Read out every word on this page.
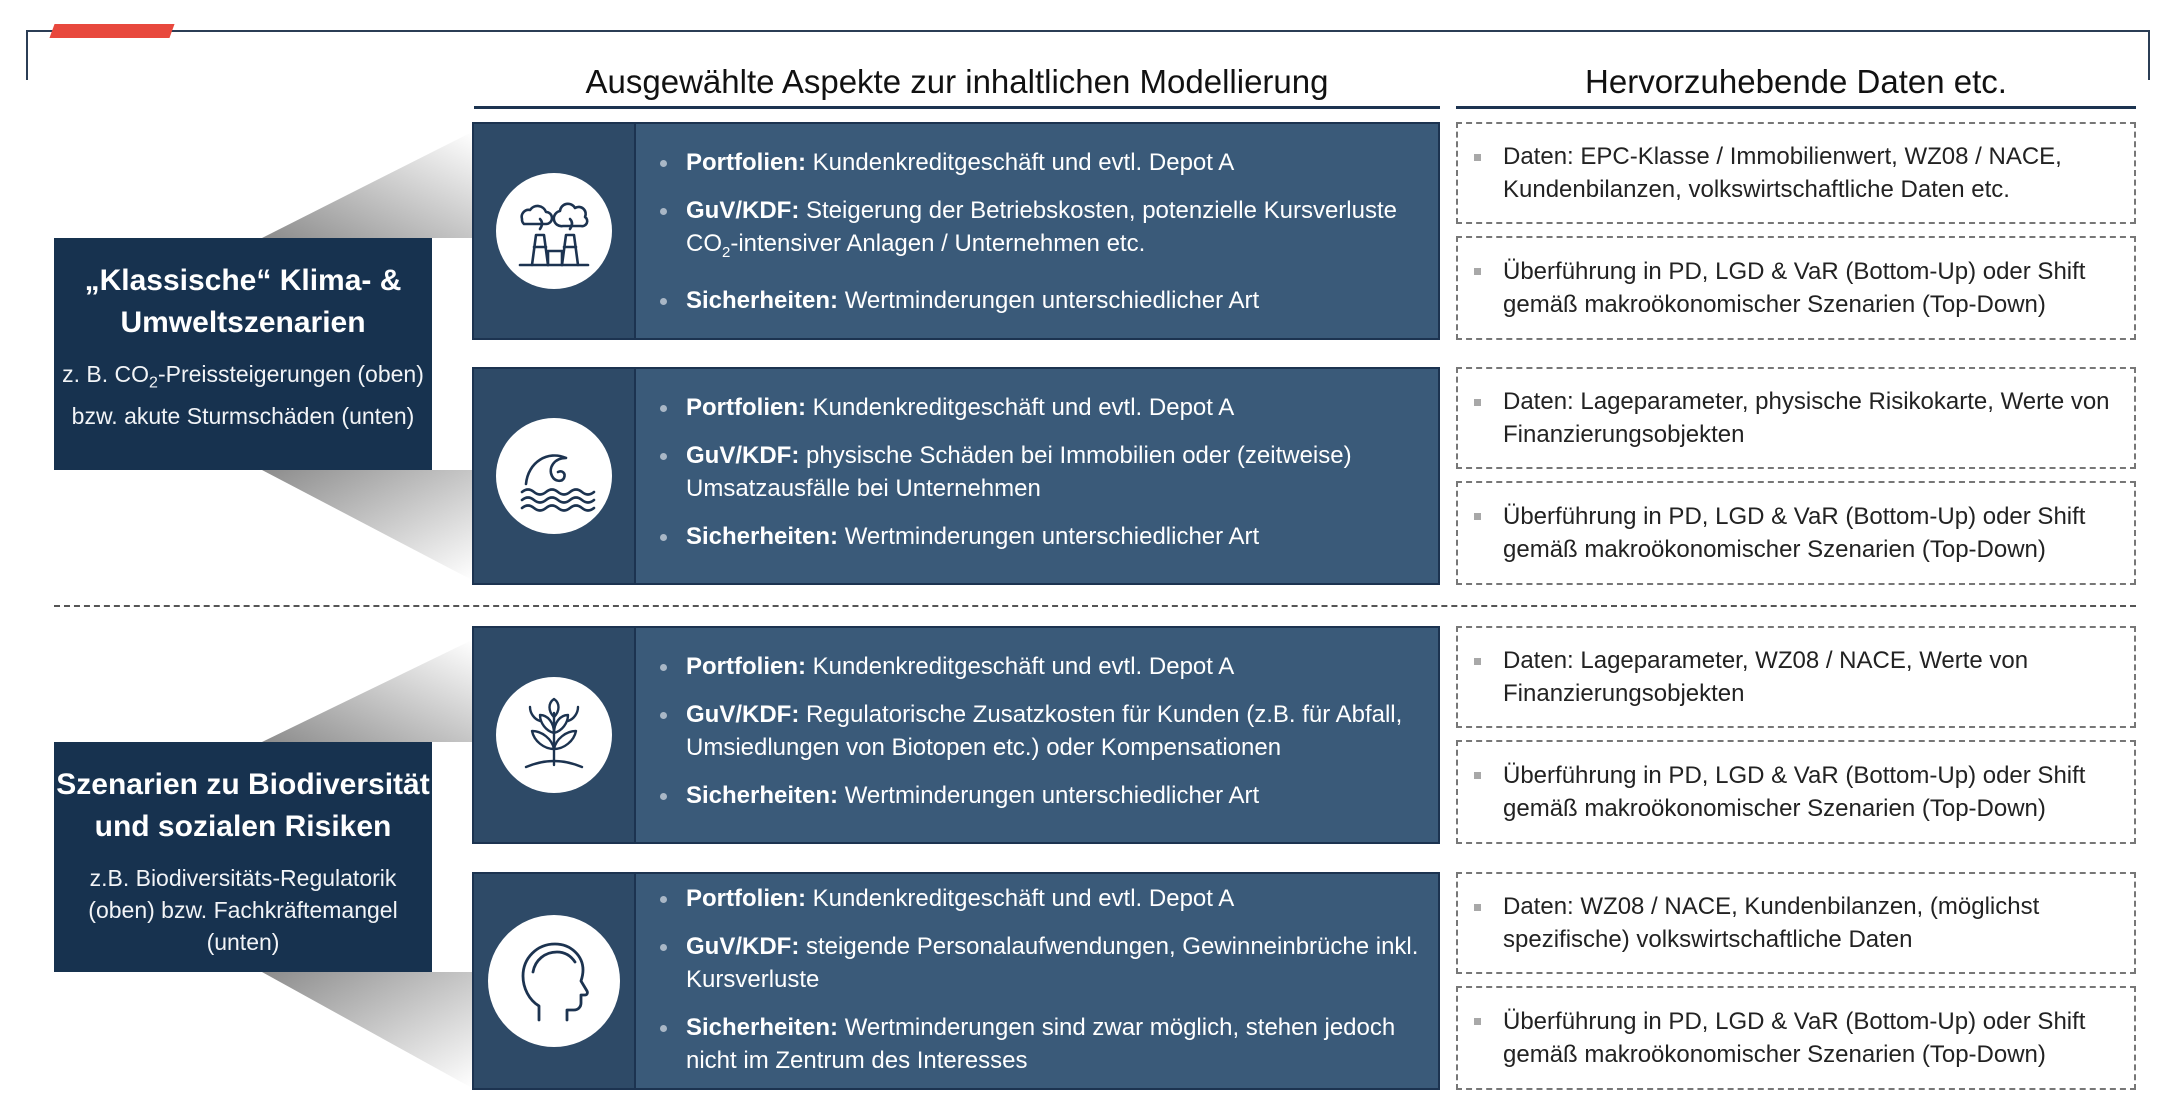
Ausgewählte Aspekte zur inhaltlichen Modellierung	Hervorzuhebende Daten etc.
„Klassische“ Klima- & Umweltszenarien
z. B. $CO_2$-Preissteigerungen (oben) bzw. akute Sturmschäden (unten)
Szenarien zu Biodiversität und sozialen Risiken
z.B. Biodiversitäts-Regulatorik (oben) bzw. Fachkräftemangel (unten)
Portfolien: Kundenkreditgeschäft und evtl. Depot A
GuV/KDF: Steigerung der Betriebskosten, potenzielle Kursverluste $CO_2$-intensiver Anlagen / Unternehmen etc.
Sicherheiten: Wertminderungen unterschiedlicher Art
Daten: EPC-Klasse / Immobilienwert, WZ08 / NACE, Kundenbilanzen, volkswirtschaftliche Daten etc.
Überführung in PD, LGD & VaR (Bottom-Up) oder Shift gemäß makroökonomischer Szenarien (Top-Down)
Portfolien: Kundenkreditgeschäft und evtl. Depot A
GuV/KDF: physische Schäden bei Immobilien oder (zeitweise) Umsatzausfälle bei Unternehmen
Sicherheiten: Wertminderungen unterschiedlicher Art
Daten: Lageparameter, physische Risikokarte, Werte von Finanzierungsobjekten
Überführung in PD, LGD & VaR (Bottom-Up) oder Shift gemäß makroökonomischer Szenarien (Top-Down)
Portfolien: Kundenkreditgeschäft und evtl. Depot A
GuV/KDF: Regulatorische Zusatzkosten für Kunden (z.B. für Abfall, Umsiedlungen von Biotopen etc.) oder Kompensationen
Sicherheiten: Wertminderungen unterschiedlicher Art
Daten: Lageparameter, WZ08 / NACE, Werte von Finanzierungsobjekten
Überführung in PD, LGD & VaR (Bottom-Up) oder Shift gemäß makroökonomischer Szenarien (Top-Down)
Portfolien: Kundenkreditgeschäft und evtl. Depot A
GuV/KDF: steigende Personalaufwendungen, Gewinneinbrüche inkl. Kursverluste
Sicherheiten: Wertminderungen sind zwar möglich, stehen jedoch nicht im Zentrum des Interesses
Daten: WZ08 / NACE, Kundenbilanzen, (möglichst spezifische) volkswirtschaftliche Daten
Überführung in PD, LGD & VaR (Bottom-Up) oder Shift gemäß makroökonomischer Szenarien (Top-Down)
